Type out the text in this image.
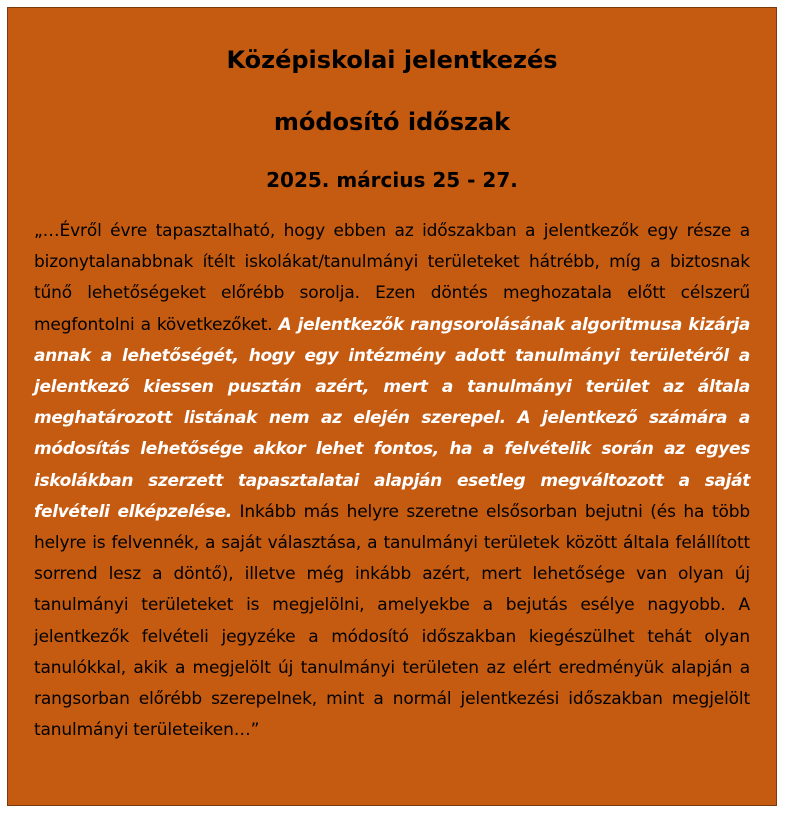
Középiskolai jelentkezés
módosító időszak
2025. március 25 - 27.

„…Évről évre tapasztalható, hogy ebben az időszakban a jelentkezők egy része a bizonytalanabbnak ítélt iskolákat/tanulmányi területeket hátrébb, míg a biztosnak tűnő lehetőségeket előrébb sorolja. Ezen döntés meghozatala előtt célszerű megfontolni a következőket. A jelentkezők rangsorolásának algoritmusa kizárja annak a lehetőségét, hogy egy intézmény adott tanulmányi területéről a jelentkező kiessen pusztán azért, mert a tanulmányi terület az általa meghatározott listának nem az elején szerepel. A jelentkező számára a módosítás lehetősége akkor lehet fontos, ha a felvételik során az egyes iskolákban szerzett tapasztalatai alapján esetleg megváltozott a saját felvételi elképzelése. Inkább más helyre szeretne elsősorban bejutni (és ha több helyre is felvennék, a saját választása, a tanulmányi területek között általa felállított sorrend lesz a döntő), illetve még inkább azért, mert lehetősége van olyan új tanulmányi területeket is megjelölni, amelyekbe a bejutás esélye nagyobb. A jelentkezők felvételi jegyzéke a módosító időszakban kiegészülhet tehát olyan tanulókkal, akik a megjelölt új tanulmányi területen az elért eredményük alapján a rangsorban előrébb szerepelnek, mint a normál jelentkezési időszakban megjelölt tanulmányi területeiken…”
